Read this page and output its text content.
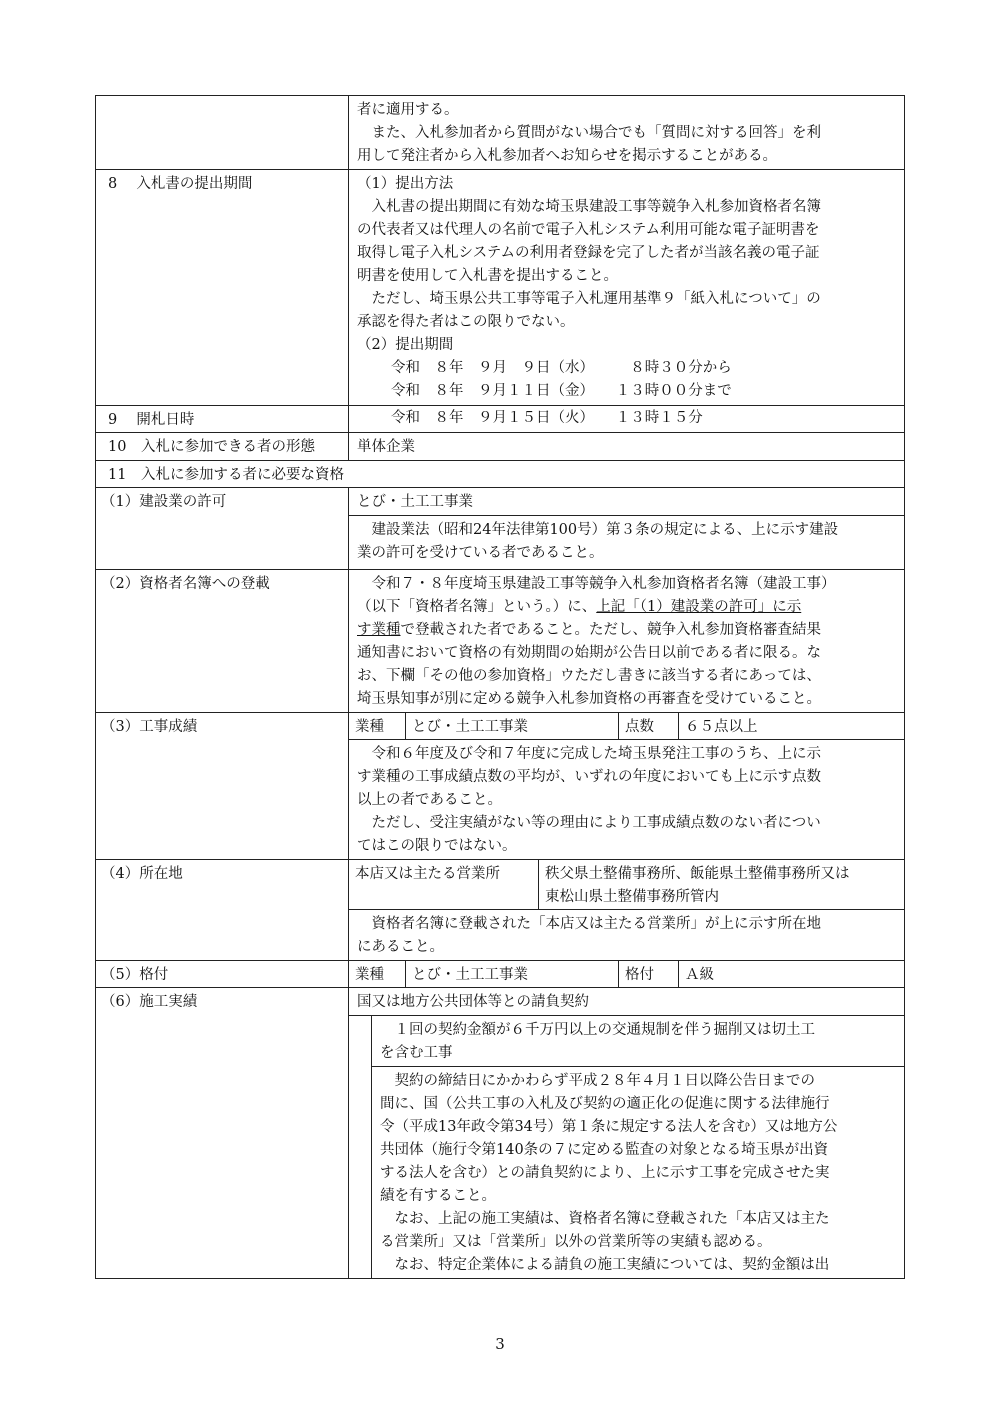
者に適用する。
　また、入札参加者から質問がない場合でも「質問に対する回答」を利
用して発注者から入札参加者へお知らせを掲示することがある。
8　 入札書の提出期間	（1）提出方法
　入札書の提出期間に有効な埼玉県建設工事等競争入札参加資格者名簿
の代表者又は代理人の名前で電子入札システム利用可能な電子証明書を
取得し電子入札システムの利用者登録を完了した者が当該名義の電子証
明書を使用して入札書を提出すること。
　ただし、埼玉県公共工事等電子入札運用基準９「紙入札について」の
承認を得た者はこの限りでない。
（2）提出期間
令和　８年　９月　９日（水）　　　８時３０分から
令和　８年　９月１１日（金）　　１３時００分まで
9　 開札日時	令和　８年　９月１５日（火）　　１３時１５分
10　入札に参加できる者の形態	単体企業
11　入札に参加する者に必要な資格
（1）建設業の許可	とび・土工工事業
　建設業法（昭和24年法律第100号）第３条の規定による、上に示す建設
業の許可を受けている者であること。
（2）資格者名簿への登載	　令和７・８年度埼玉県建設工事等競争入札参加資格者名簿（建設工事）
（以下「資格者名簿」という。）に、上記「（1）建設業の許可」に示
す業種で登載された者であること。ただし、競争入札参加資格審査結果
通知書において資格の有効期間の始期が公告日以前である者に限る。な
お、下欄「その他の参加資格」ウただし書きに該当する者にあっては、
埼玉県知事が別に定める競争入札参加資格の再審査を受けていること。
（3）工事成績	業種	とび・土工工事業	点数	６５点以上
　令和６年度及び令和７年度に完成した埼玉県発注工事のうち、上に示
す業種の工事成績点数の平均が、いずれの年度においても上に示す点数
以上の者であること。
　ただし、受注実績がない等の理由により工事成績点数のない者につい
てはこの限りではない。
（4）所在地	本店又は主たる営業所	秩父県土整備事務所、飯能県土整備事務所又は
東松山県土整備事務所管内
　資格者名簿に登載された「本店又は主たる営業所」が上に示す所在地
にあること。
（5）格付	業種	とび・土工工事業	格付	Ａ級
（6）施工実績	国又は地方公共団体等との請負契約
　１回の契約金額が６千万円以上の交通規制を伴う掘削又は切土工
を含む工事
　契約の締結日にかかわらず平成２８年４月１日以降公告日までの
間に、国（公共工事の入札及び契約の適正化の促進に関する法律施行
令（平成13年政令第34号）第１条に規定する法人を含む）又は地方公
共団体（施行令第140条の７に定める監査の対象となる埼玉県が出資
する法人を含む）との請負契約により、上に示す工事を完成させた実
績を有すること。
　なお、上記の施工実績は、資格者名簿に登載された「本店又は主た
る営業所」又は「営業所」以外の営業所等の実績も認める。
　なお、特定企業体による請負の施工実績については、契約金額は出
3
